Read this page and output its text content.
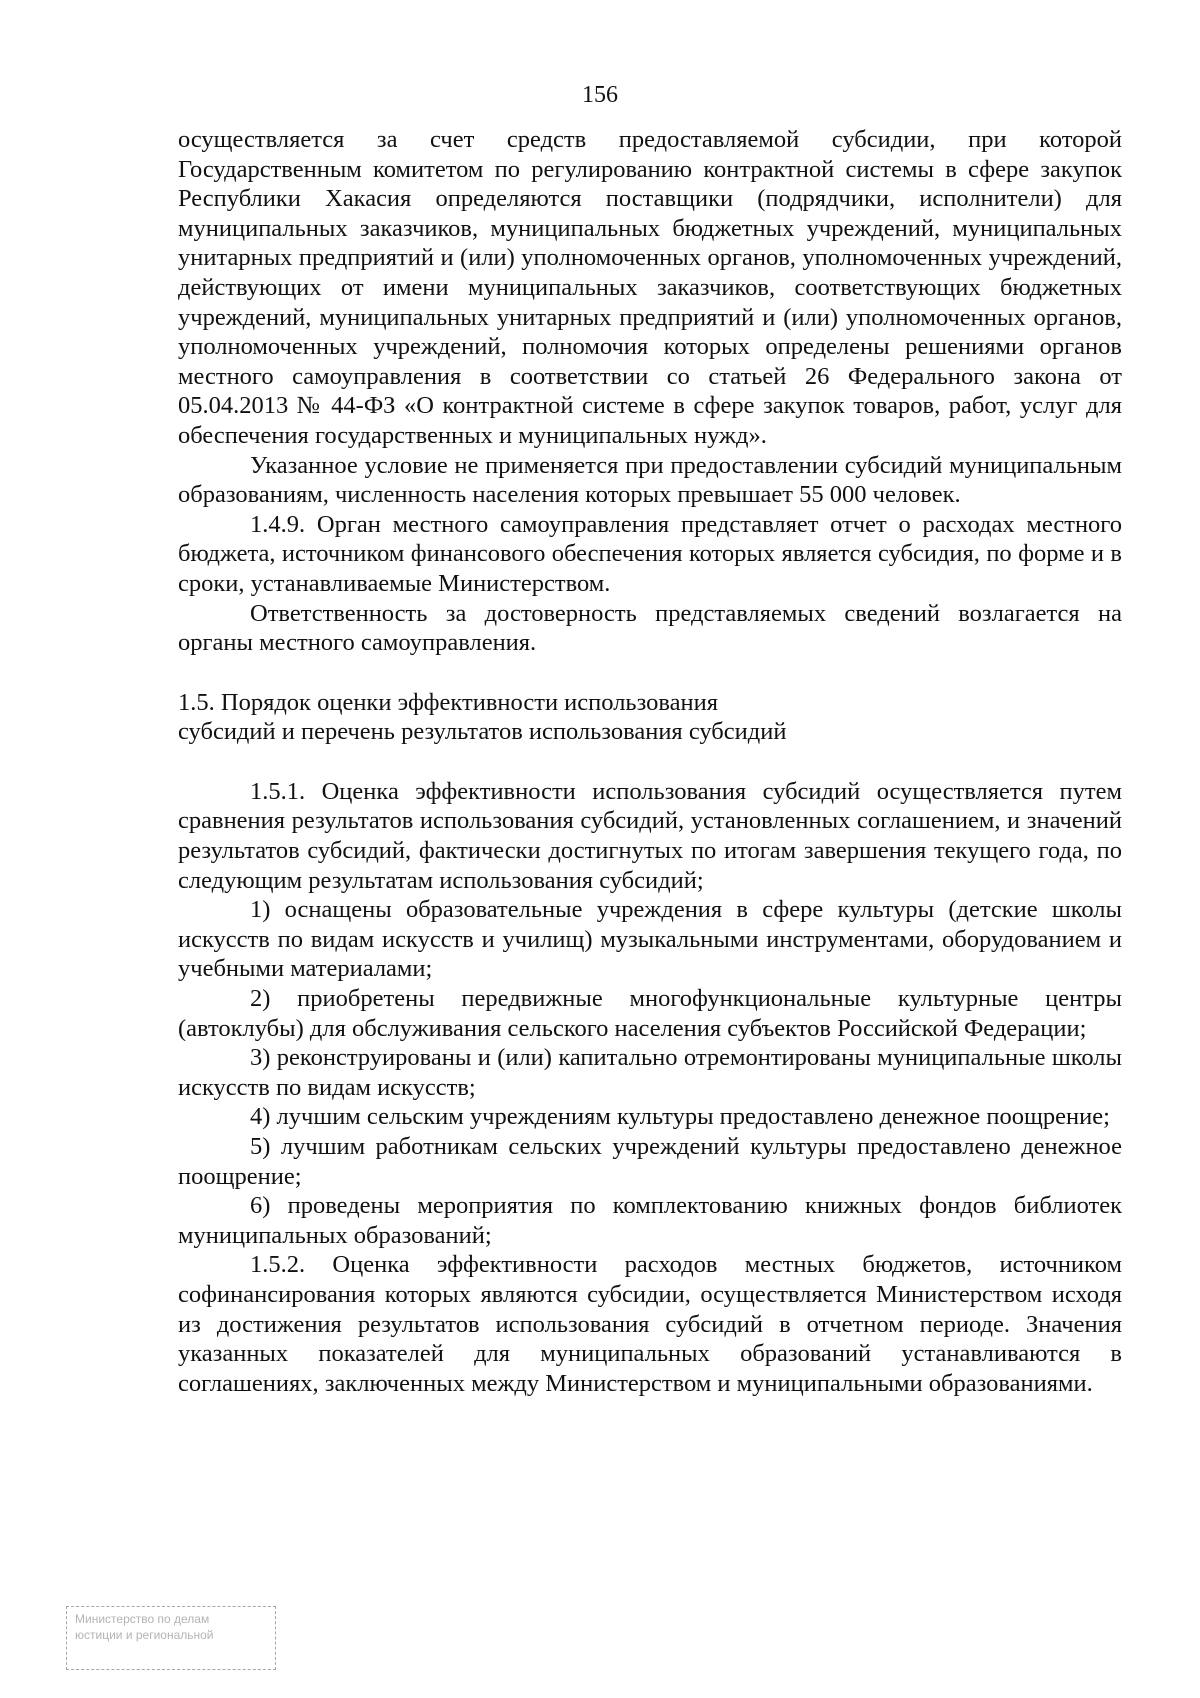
156

осуществляется за счет средств предоставляемой субсидии, при которой Государственным комитетом по регулированию контрактной системы в сфере закупок Республики Хакасия определяются поставщики (подрядчики, исполнители) для муниципальных заказчиков, муниципальных бюджетных учреждений, муниципальных унитарных предприятий и (или) уполномоченных органов, уполномоченных учреждений, действующих от имени муниципальных заказчиков, соответствующих бюджетных учреждений, муниципальных унитарных предприятий и (или) уполномоченных органов, уполномоченных учреждений, полномочия которых определены решениями органов местного самоуправления в соответствии со статьей 26 Федерального закона от 05.04.2013 № 44-ФЗ «О контрактной системе в сфере закупок товаров, работ, услуг для обеспечения государственных и муниципальных нужд».

Указанное условие не применяется при предоставлении субсидий муниципальным образованиям, численность населения которых превышает 55 000 человек.

1.4.9. Орган местного самоуправления представляет отчет о расходах местного бюджета, источником финансового обеспечения которых является субсидия, по форме и в сроки, устанавливаемые Министерством.

Ответственность за достоверность представляемых сведений возлагается на органы местного самоуправления.

1.5. Порядок оценки эффективности использования
субсидий и перечень результатов использования субсидий

1.5.1. Оценка эффективности использования субсидий осуществляется путем сравнения результатов использования субсидий, установленных соглашением, и значений результатов субсидий, фактически достигнутых по итогам завершения текущего года, по следующим результатам использования субсидий;

1) оснащены образовательные учреждения в сфере культуры (детские школы искусств по видам искусств и училищ) музыкальными инструментами, оборудованием и учебными материалами;

2) приобретены передвижные многофункциональные культурные центры (автоклубы) для обслуживания сельского населения субъектов Российской Федерации;

3) реконструированы и (или) капитально отремонтированы муниципальные школы искусств по видам искусств;

4) лучшим сельским учреждениям культуры предоставлено денежное поощрение;

5) лучшим работникам сельских учреждений культуры предоставлено денежное поощрение;

6) проведены мероприятия по комплектованию книжных фондов библиотек муниципальных образований;

1.5.2. Оценка эффективности расходов местных бюджетов, источником софинансирования которых являются субсидии, осуществляется Министерством исходя из достижения результатов использования субсидий в отчетном периоде. Значения указанных показателей для муниципальных образований устанавливаются в соглашениях, заключенных между Министерством и муниципальными образованиями.

Министерство по делам
юстиции и региональной
